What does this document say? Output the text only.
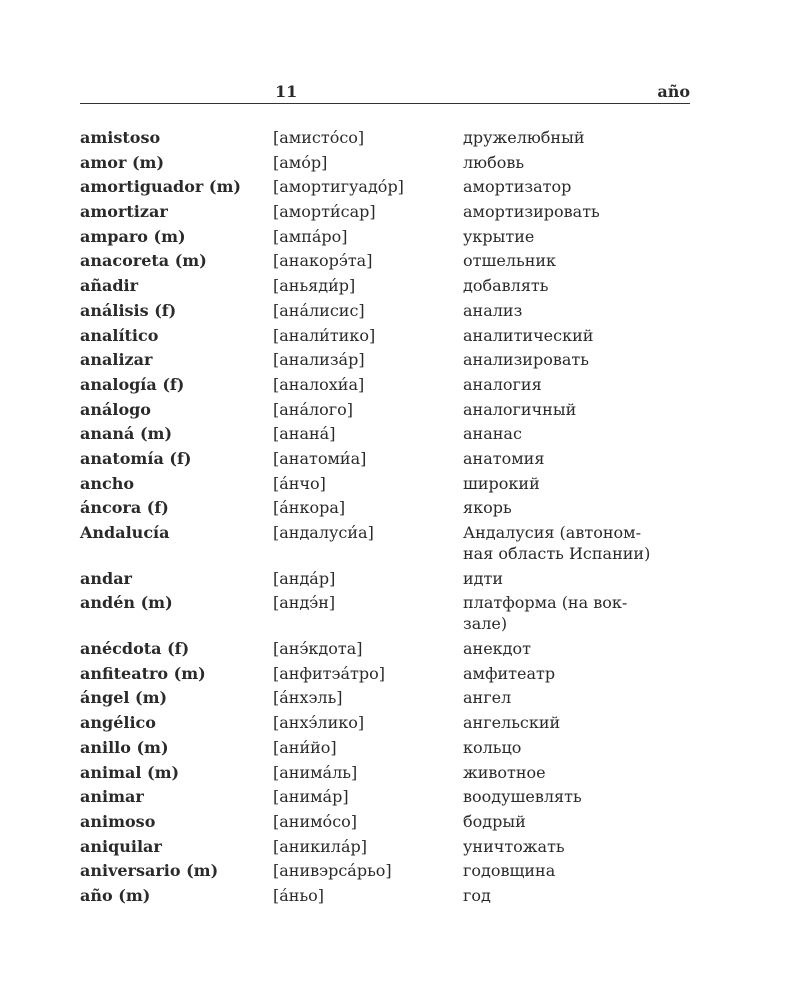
11	año
amistoso	[амисто́со]	дружелюбный
amor (m)	[амо́р]	любовь
amortiguador (m)	[амортигуадо́р]	амортизатор
amortizar	[аморти́сар]	амортизировать
amparo (m)	[ампа́ро]	укрытие
anacoreta (m)	[анакорэ́та]	отшельник
añadir	[аньяди́р]	добавлять
análisis (f)	[ана́лисис]	анализ
analítico	[анали́тико]	аналитический
analizar	[анализа́р]	анализировать
analogía (f)	[аналохи́а]	аналогия
análogo	[ана́лого]	аналогичный
ananá (m)	[анана́]	ананас
anatomía (f)	[анатоми́а]	анатомия
ancho	[а́нчо]	широкий
áncora (f)	[а́нкора]	якорь
Andalucía	[андалуси́а]	Андалусия (автоном-
ная область Испании)
andar	[анда́р]	идти
andén (m)	[андэ́н]	платформа (на вок-
зале)
anécdota (f)	[анэ́кдота]	анекдот
anfiteatro (m)	[анфитэа́тро]	амфитеатр
ángel (m)	[а́нхэль]	ангел
angélico	[анхэ́лико]	ангельский
anillo (m)	[ани́йо]	кольцо
animal (m)	[анима́ль]	животное
animar	[анима́р]	воодушевлять
animoso	[анимо́со]	бодрый
aniquilar	[аникила́р]	уничтожать
aniversario (m)	[анивэрса́рьо]	годовщина
año (m)	[а́ньо]	год
